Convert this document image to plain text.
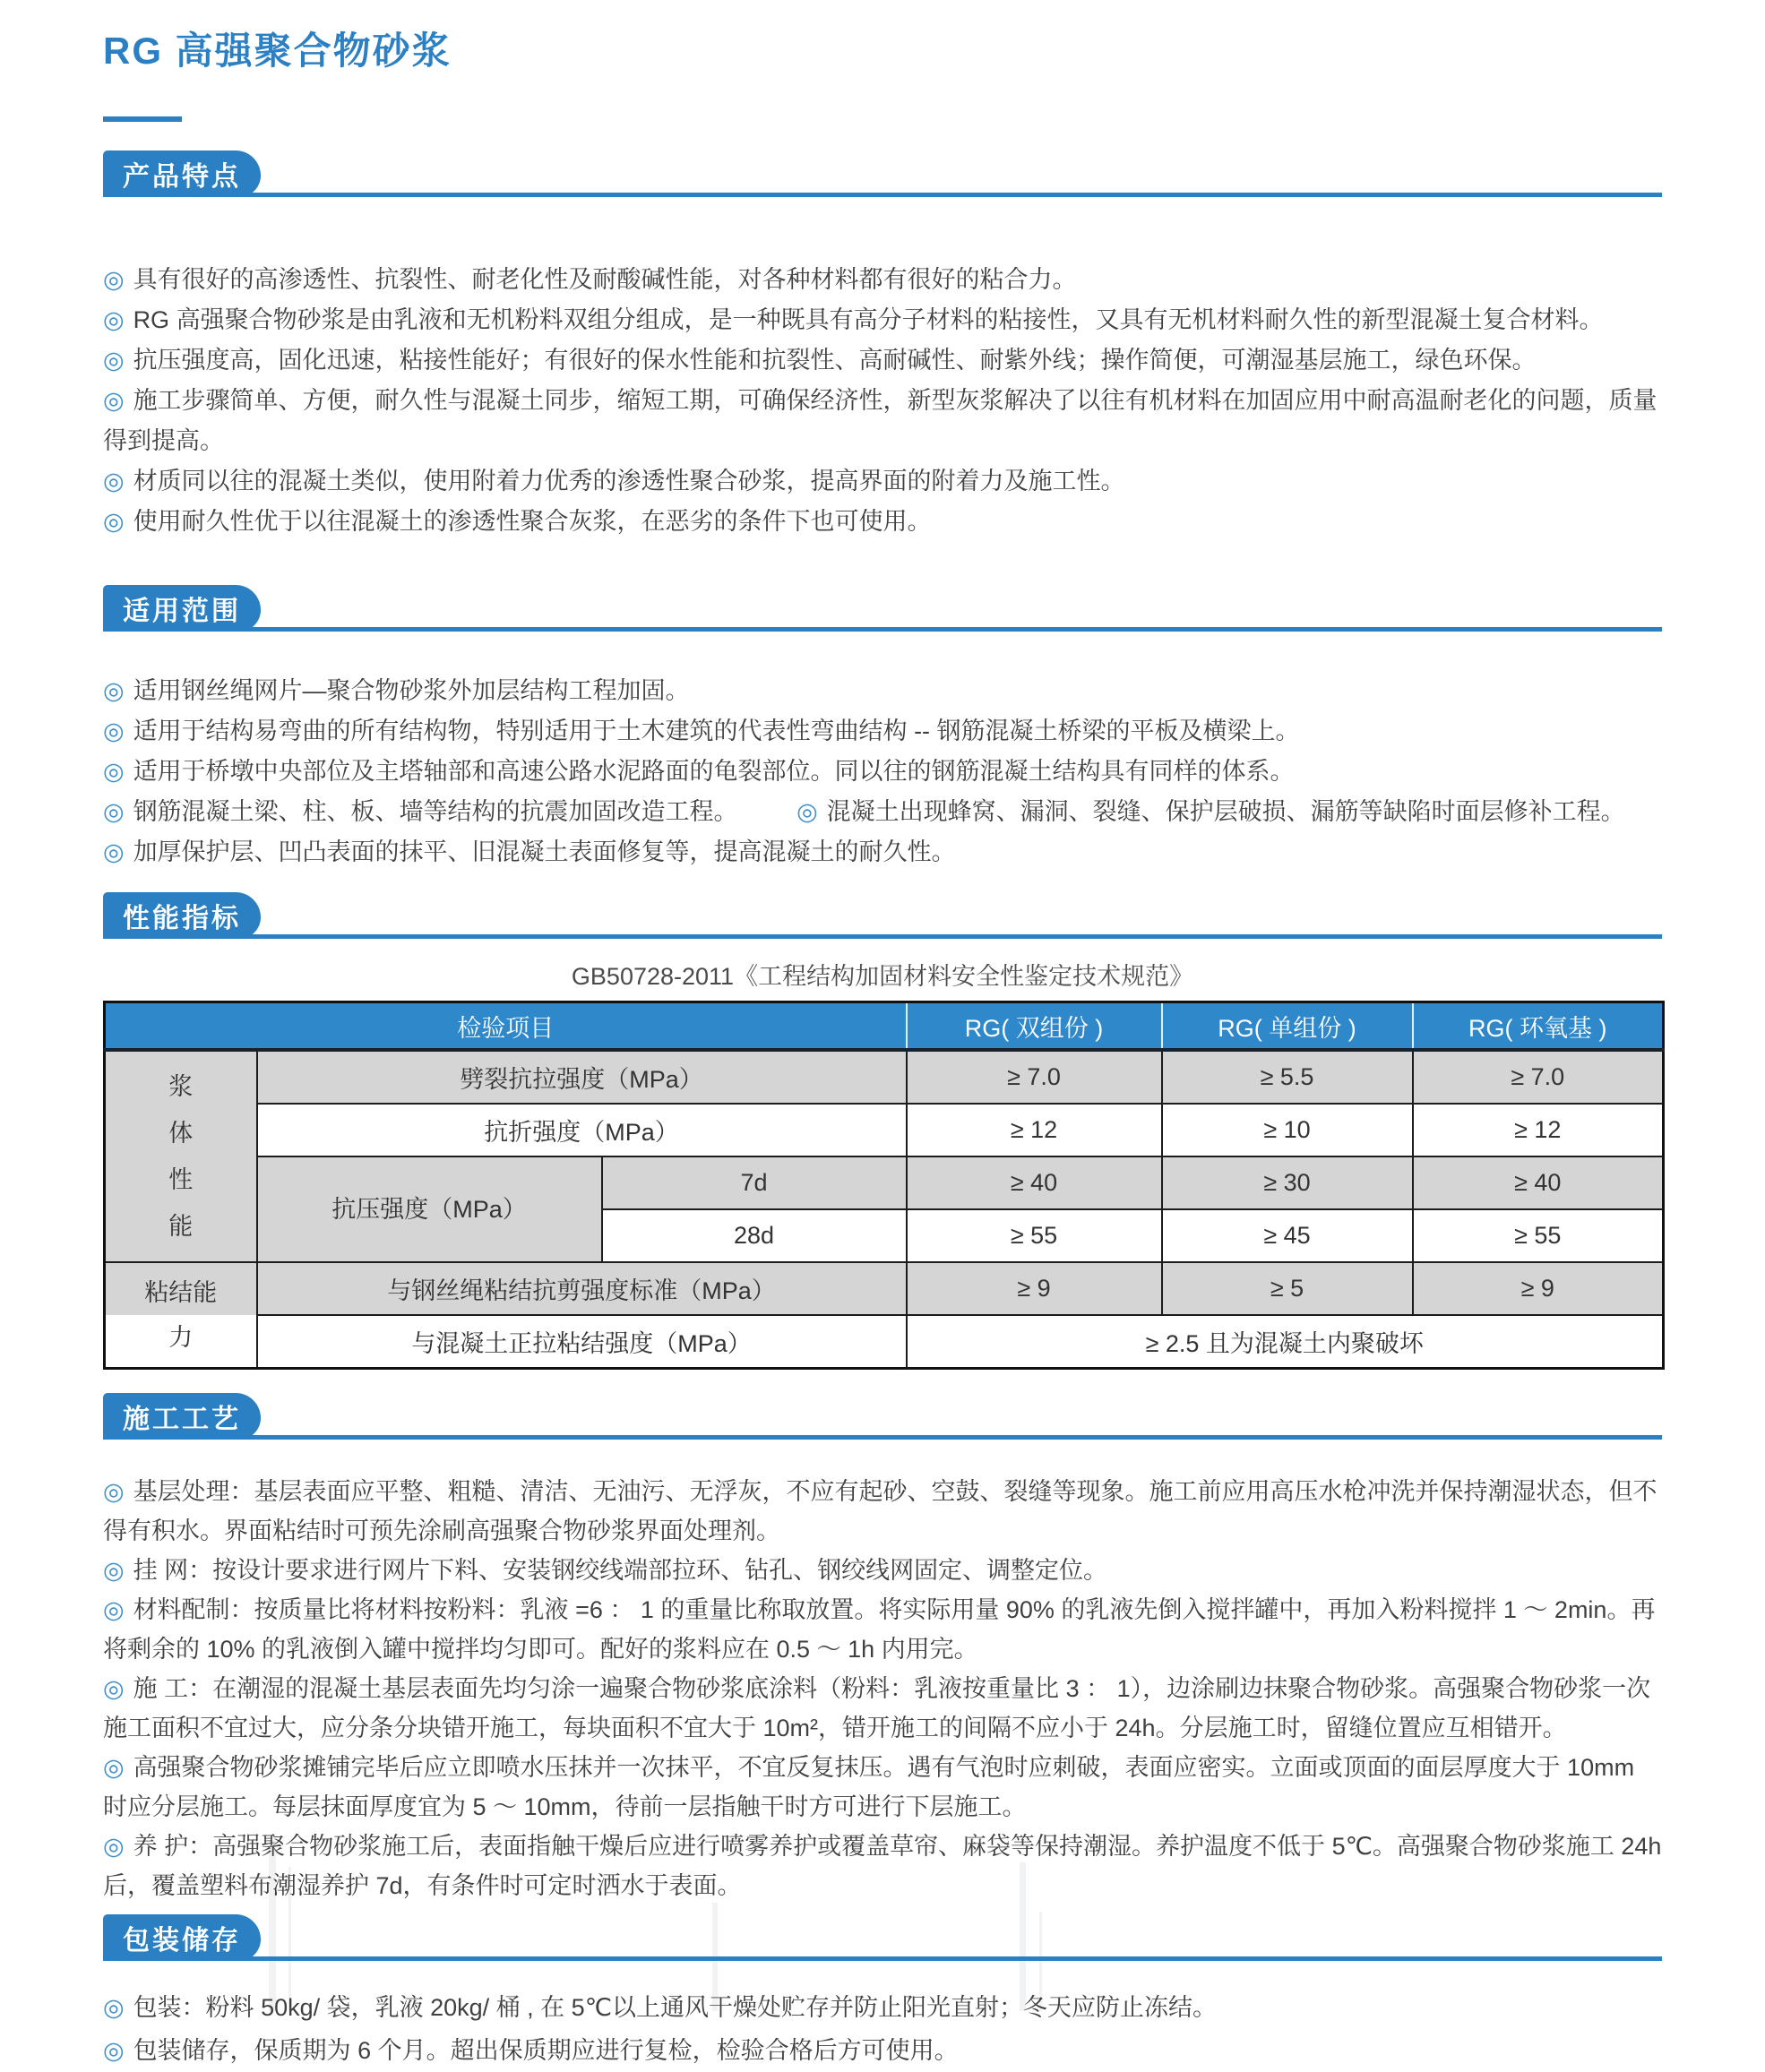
RG 高强聚合物砂浆
产品特点

◎ 具有很好的高渗透性、抗裂性、耐老化性及耐酸碱性能，对各种材料都有很好的粘合力。

◎ RG 高强聚合物砂浆是由乳液和无机粉料双组分组成，是一种既具有高分子材料的粘接性，又具有无机材料耐久性的新型混凝土复合材料。

◎ 抗压强度高，固化迅速，粘接性能好；有很好的保水性能和抗裂性、高耐碱性、耐紫外线；操作简便，可潮湿基层施工，绿色环保。

◎ 施工步骤简单、方便，耐久性与混凝土同步，缩短工期，可确保经济性，新型灰浆解决了以往有机材料在加固应用中耐高温耐老化的问题，质量得到提高。

◎ 材质同以往的混凝土类似，使用附着力优秀的渗透性聚合砂浆，提高界面的附着力及施工性。

◎ 使用耐久性优于以往混凝土的渗透性聚合灰浆，在恶劣的条件下也可使用。

适用范围

◎ 适用钢丝绳网片—聚合物砂浆外加层结构工程加固。

◎ 适用于结构易弯曲的所有结构物，特别适用于土木建筑的代表性弯曲结构 -- 钢筋混凝土桥梁的平板及横梁上。

◎ 适用于桥墩中央部位及主塔轴部和高速公路水泥路面的龟裂部位。同以往的钢筋混凝土结构具有同样的体系。

◎ 钢筋混凝土梁、柱、板、墙等结构的抗震加固改造工程。 ◎ 混凝土出现蜂窝、漏洞、裂缝、保护层破损、漏筋等缺陷时面层修补工程。

◎ 加厚保护层、凹凸表面的抹平、旧混凝土表面修复等，提高混凝土的耐久性。

性能指标
GB50728-2011《工程结构加固材料安全性鉴定技术规范》
检验项目			RG( 双组份 )	RG( 单组份 )	RG( 环氧基 )
浆体性能	劈裂抗拉强度（MPa）		≥ 7.0	≥ 5.5	≥ 7.0
	抗折强度（MPa）		≥ 12	≥ 10	≥ 12
	抗压强度（MPa）	7d	≥ 40	≥ 30	≥ 40
		28d	≥ 55	≥ 45	≥ 55
粘结能力	与钢丝绳粘结抗剪强度标准（MPa）		≥ 9	≥ 5	≥ 9
	与混凝土正拉粘结强度（MPa）		≥ 2.5 且为混凝土内聚破坏		
施工工艺

◎ 基层处理：基层表面应平整、粗糙、清洁、无油污、无浮灰，不应有起砂、空鼓、裂缝等现象。施工前应用高压水枪冲洗并保持潮湿状态，但不得有积水。界面粘结时可预先涂刷高强聚合物砂浆界面处理剂。

◎ 挂 网：按设计要求进行网片下料、安装钢绞线端部拉环、钻孔、钢绞线网固定、调整定位。

◎ 材料配制：按质量比将材料按粉料：乳液 =6 ： 1 的重量比称取放置。将实际用量 90% 的乳液先倒入搅拌罐中，再加入粉料搅拌 1 ～ 2min。再将剩余的 10% 的乳液倒入罐中搅拌均匀即可。配好的浆料应在 0.5 ～ 1h 内用完。

◎ 施 工：在潮湿的混凝土基层表面先均匀涂一遍聚合物砂浆底涂料（粉料：乳液按重量比 3 ： 1），边涂刷边抹聚合物砂浆。高强聚合物砂浆一次施工面积不宜过大，应分条分块错开施工，每块面积不宜大于 10m²，错开施工的间隔不应小于 24h。分层施工时，留缝位置应互相错开。

◎ 高强聚合物砂浆摊铺完毕后应立即喷水压抹并一次抹平，不宜反复抹压。遇有气泡时应刺破，表面应密实。立面或顶面的面层厚度大于 10mm 时应分层施工。每层抹面厚度宜为 5 ～ 10mm，待前一层指触干时方可进行下层施工。

◎ 养 护：高强聚合物砂浆施工后，表面指触干燥后应进行喷雾养护或覆盖草帘、麻袋等保持潮湿。养护温度不低于 5℃。高强聚合物砂浆施工 24h 后，覆盖塑料布潮湿养护 7d，有条件时可定时洒水于表面。

包装储存

◎ 包装：粉料 50kg/ 袋，乳液 20kg/ 桶 , 在 5℃以上通风干燥处贮存并防止阳光直射；冬天应防止冻结。

◎ 包装储存，保质期为 6 个月。超出保质期应进行复检，检验合格后方可使用。
